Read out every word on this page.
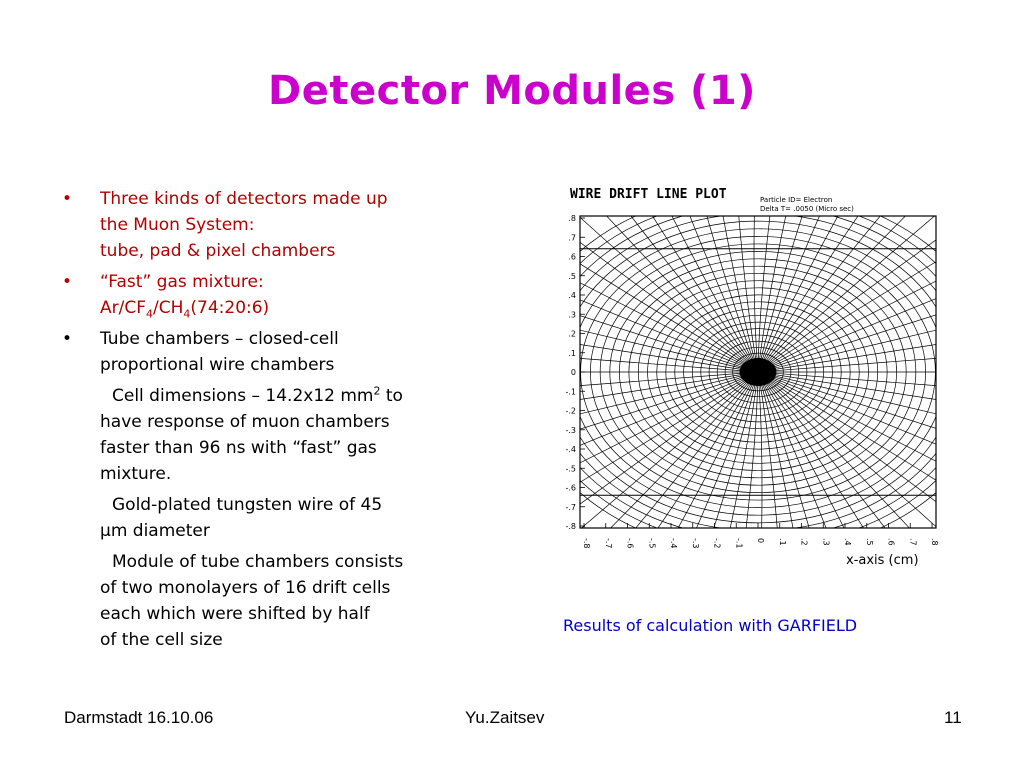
Detector Modules (1)
• Three kinds of detectors made up
the Muon System:
tube, pad & pixel chambers
• “Fast” gas mixture:
$Ar/CF_4/CH_4(74:20:6)$
• Tube chambers – closed-cell
proportional wire chambers
Cell dimensions – 14.2x12 $mm^2$ to
have response of muon chambers
faster than 96 ns with “fast” gas
mixture.
Gold-plated tungsten wire of 45
μm diameter
Module of tube chambers consists
of two monolayers of 16 drift cells
each which were shifted by half
of the cell size
WIRE DRIFT LINE PLOT	Particle ID= Electron
Delta T= .0050 (Micro sec)
.8
.7
.6
.5
.4
.3
.2
.1
0
-.1
-.2
-.3
-.4
-.5
-.6
-.7
-.8
-.8 -.7 -.6 -.5 -.4 -.3 -.2 -.1 0 .1 .2 .3 .4 .5 .6 .7 .8
x-axis (cm)
Results of calculation with GARFIELD
Darmstadt 16.10.06	Yu.Zaitsev	11
